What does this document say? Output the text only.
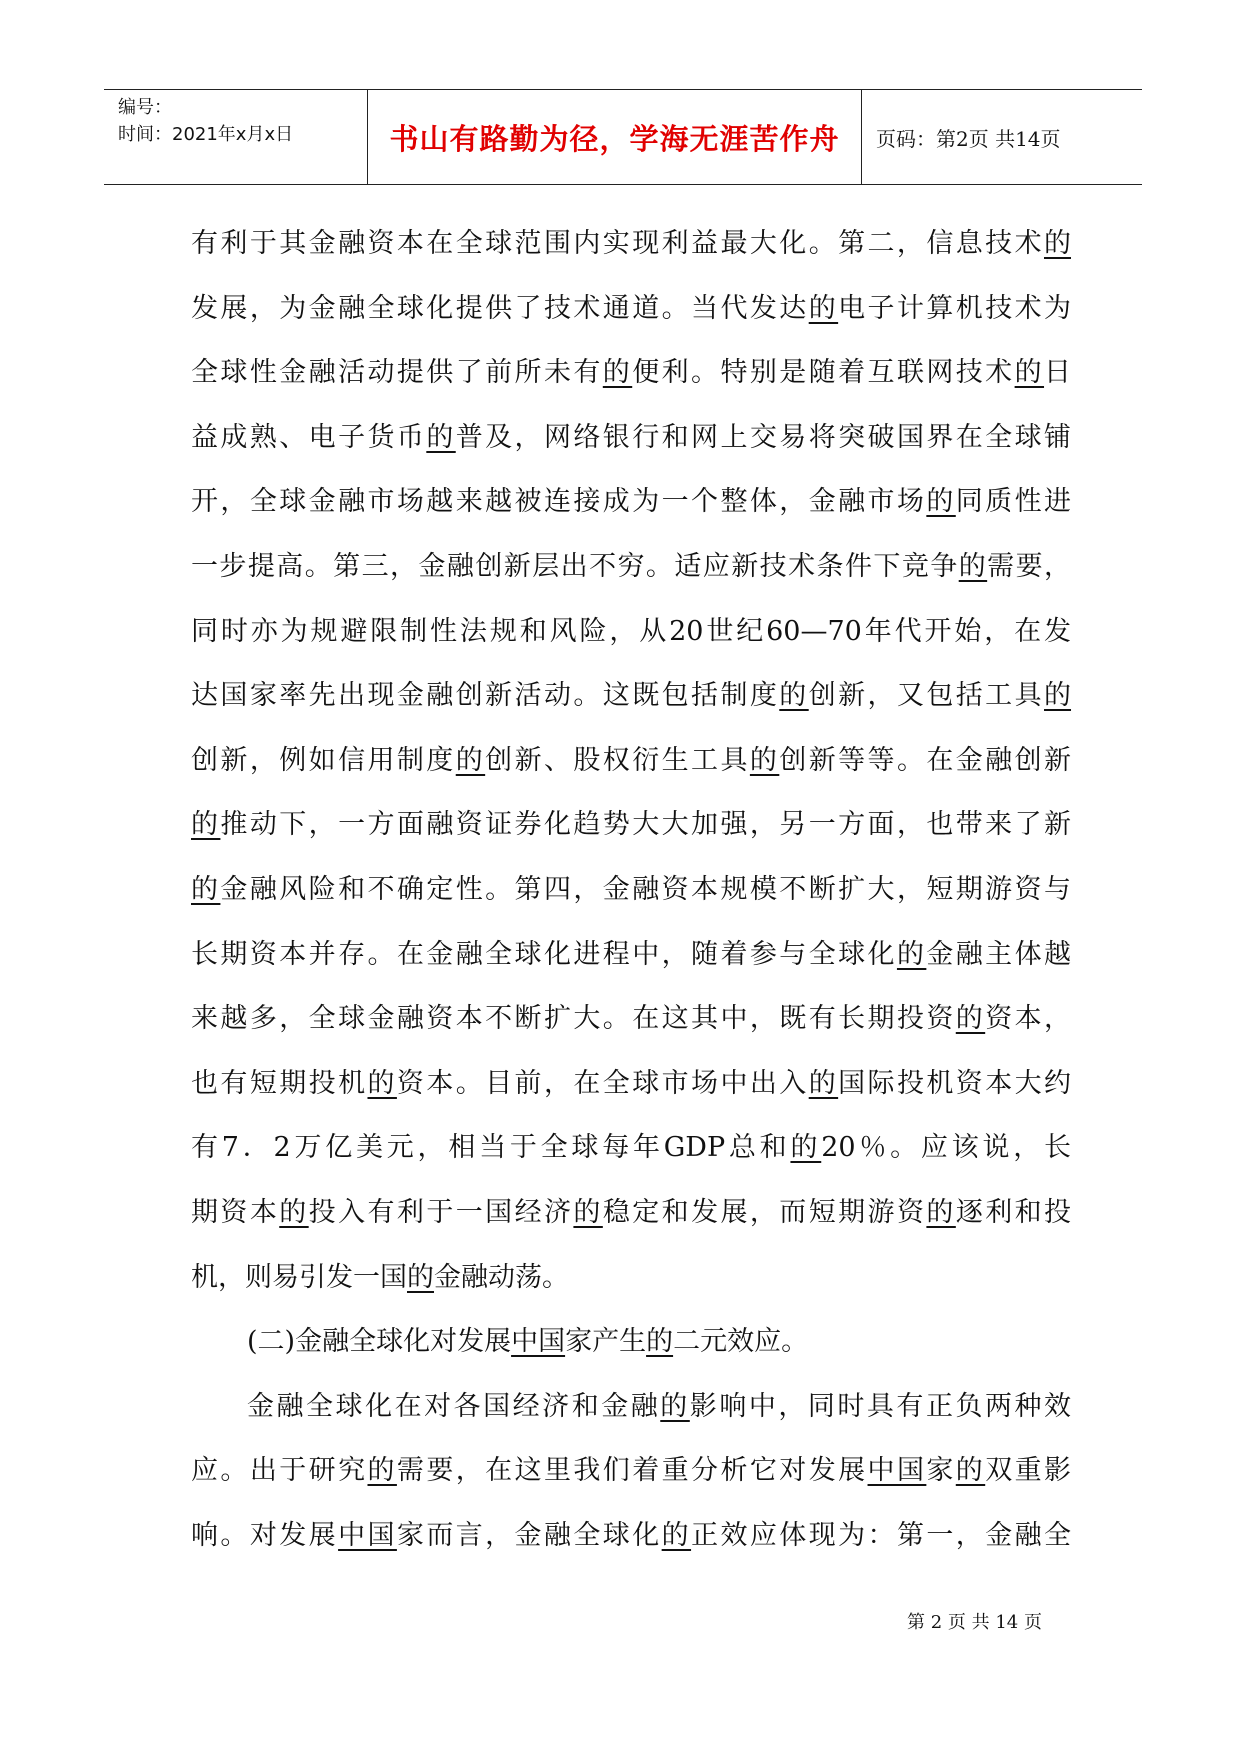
编号：
时间：2021年x月x日	书山有路勤为径，学海无涯苦作舟 页码：第2页 共14页
有利于其金融资本在全球范围内实现利益最大化。第二，信息技术的
发展，为金融全球化提供了技术通道。当代发达的电子计算机技术为
全球性金融活动提供了前所未有的便利。特别是随着互联网技术的日
益成熟、电子货币的普及，网络银行和网上交易将突破国界在全球铺
开，全球金融市场越来越被连接成为一个整体，金融市场的同质性进
一步提高。第三，金融创新层出不穷。适应新技术条件下竞争的需要，
同时亦为规避限制性法规和风险，从20世纪60—70年代开始，在发
达国家率先出现金融创新活动。这既包括制度的创新，又包括工具的
创新，例如信用制度的创新、股权衍生工具的创新等等。在金融创新
的推动下，一方面融资证券化趋势大大加强，另一方面，也带来了新
的金融风险和不确定性。第四，金融资本规模不断扩大，短期游资与
长期资本并存。在金融全球化进程中，随着参与全球化的金融主体越
来越多，全球金融资本不断扩大。在这其中，既有长期投资的资本，
也有短期投机的资本。目前，在全球市场中出入的国际投机资本大约
有7．2万亿美元，相当于全球每年GDP总和的20％。应该说，长
期资本的投入有利于一国经济的稳定和发展，而短期游资的逐利和投
机，则易引发一国的金融动荡。
(二)金融全球化对发展中国家产生的二元效应。
金融全球化在对各国经济和金融的影响中，同时具有正负两种效
应。出于研究的需要，在这里我们着重分析它对发展中国家的双重影
响。对发展中国家而言，金融全球化的正效应体现为：第一，金融全
第 2 页 共 14 页
